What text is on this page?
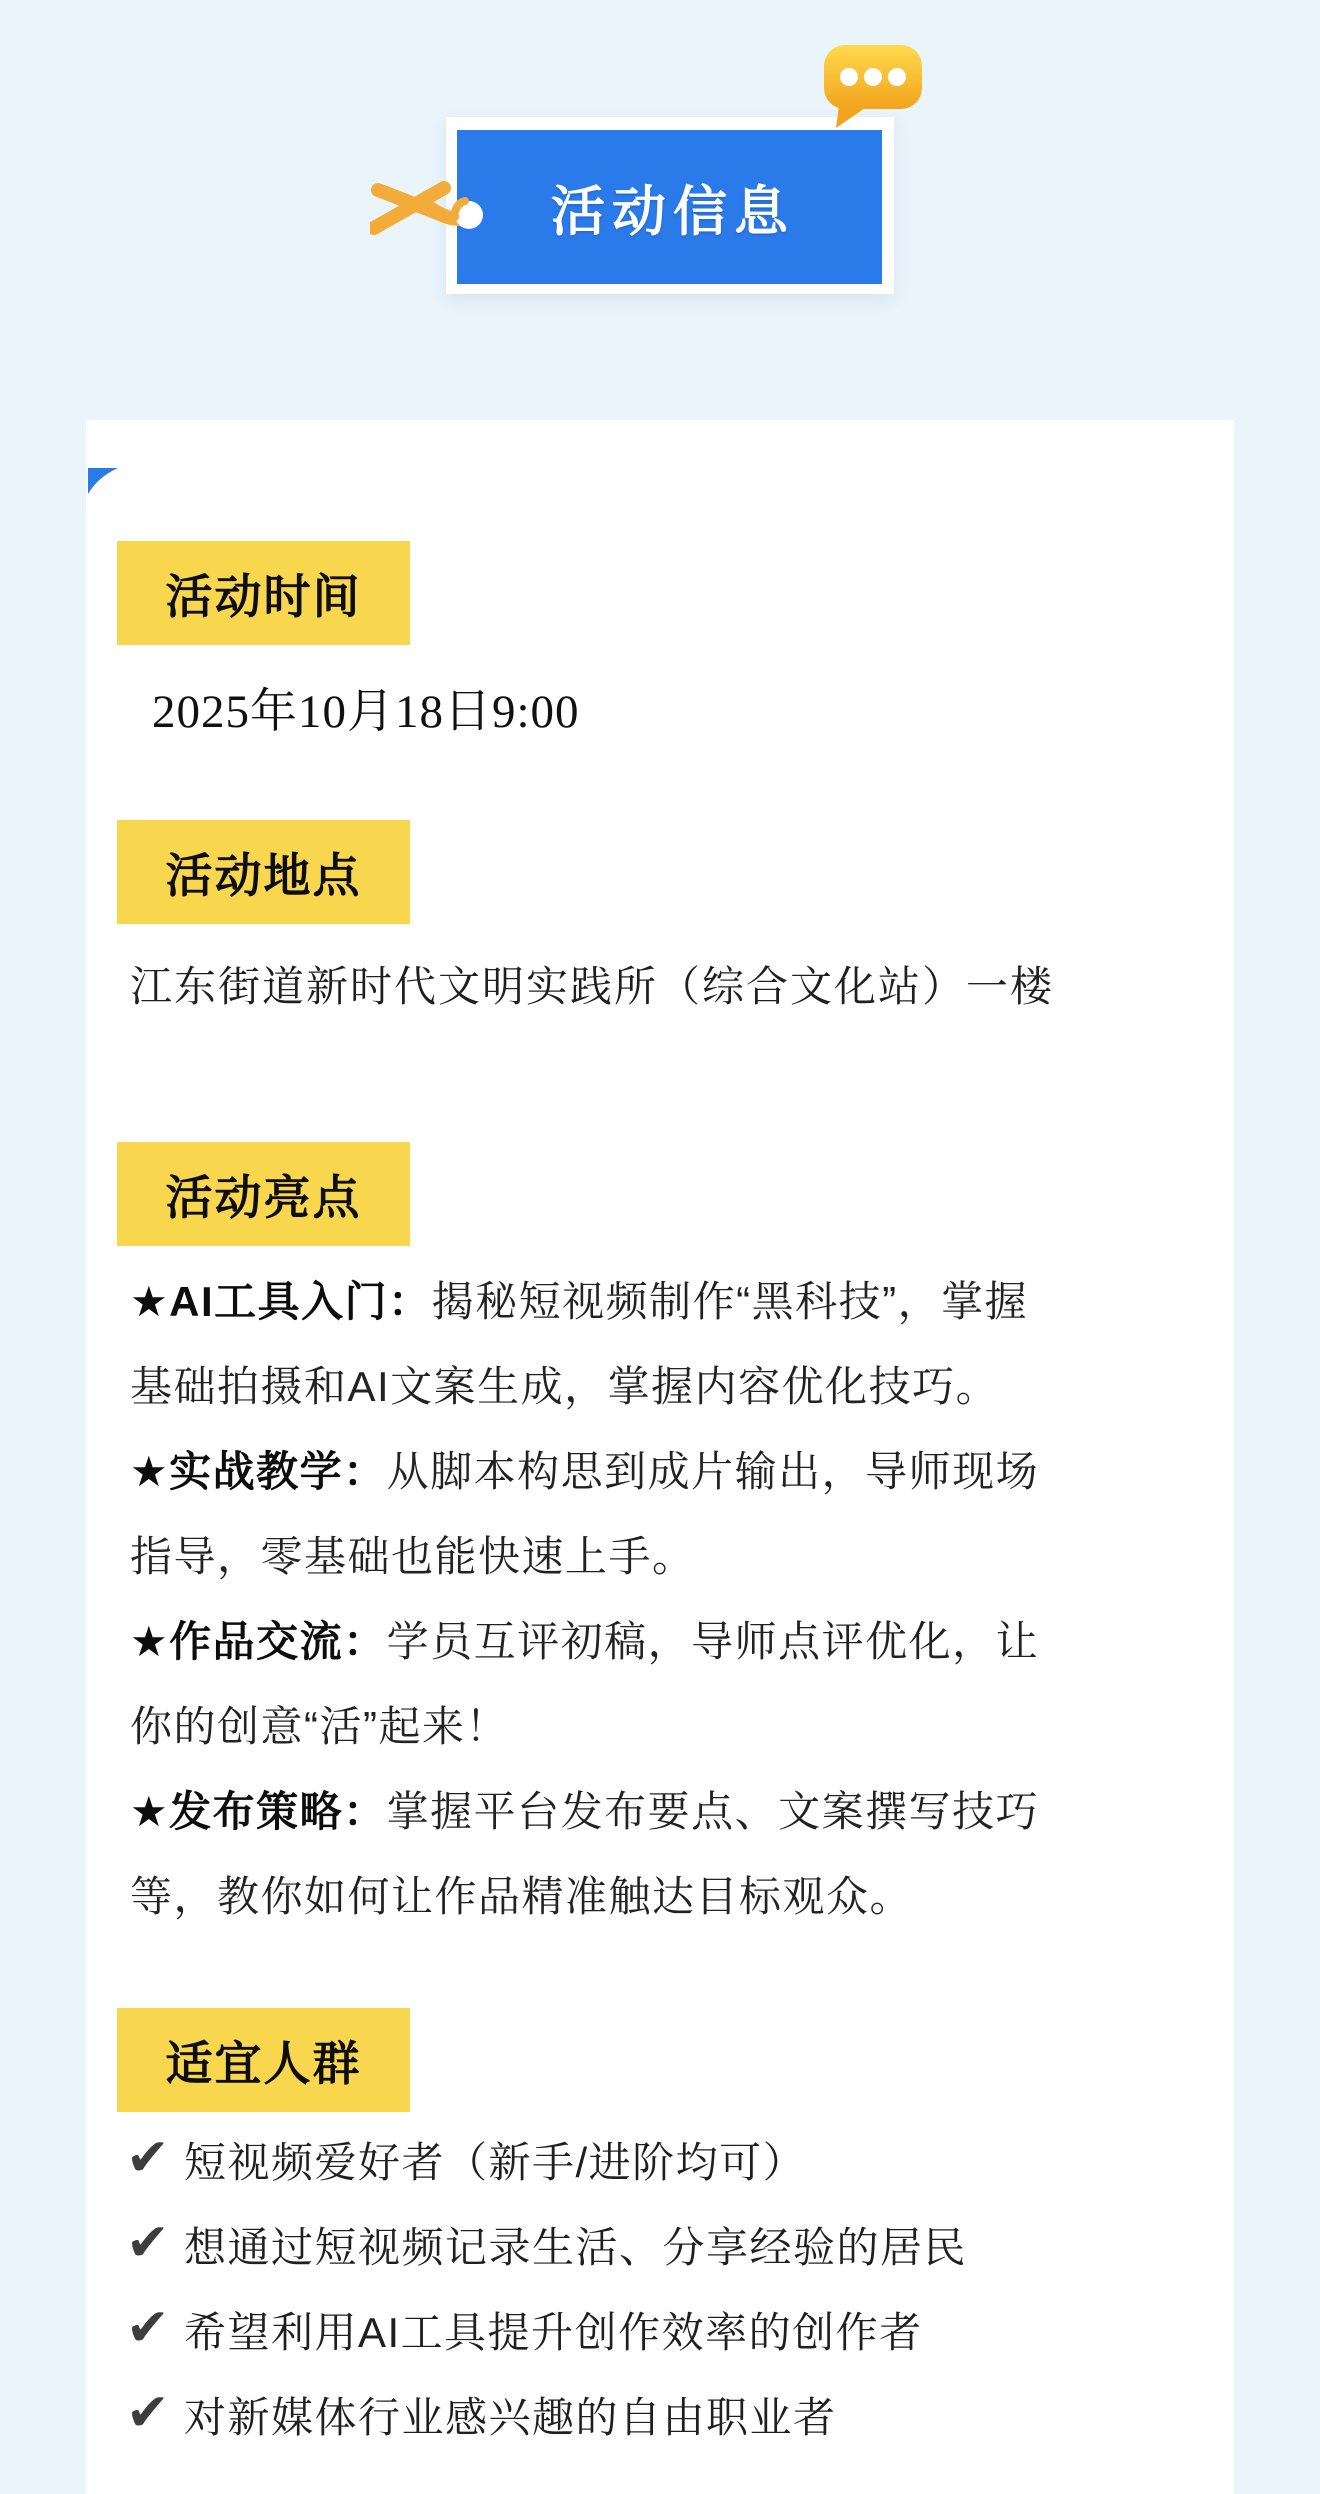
活动信息
活动时间
2025年10月18日9:00
活动地点
江东街道新时代文明实践所（综合文化站）一楼
活动亮点
★AI工具入门：揭秘短视频制作“黑科技”，掌握
基础拍摄和AI文案生成，掌握内容优化技巧。
★实战教学：从脚本构思到成片输出，导师现场
指导，零基础也能快速上手。
★作品交流：学员互评初稿，导师点评优化，让
你的创意“活”起来！
★发布策略：掌握平台发布要点、文案撰写技巧
等，教你如何让作品精准触达目标观众。
适宜人群
✔ 短视频爱好者（新手/进阶均可）
✔ 想通过短视频记录生活、分享经验的居民
✔ 希望利用AI工具提升创作效率的创作者
✔ 对新媒体行业感兴趣的自由职业者
